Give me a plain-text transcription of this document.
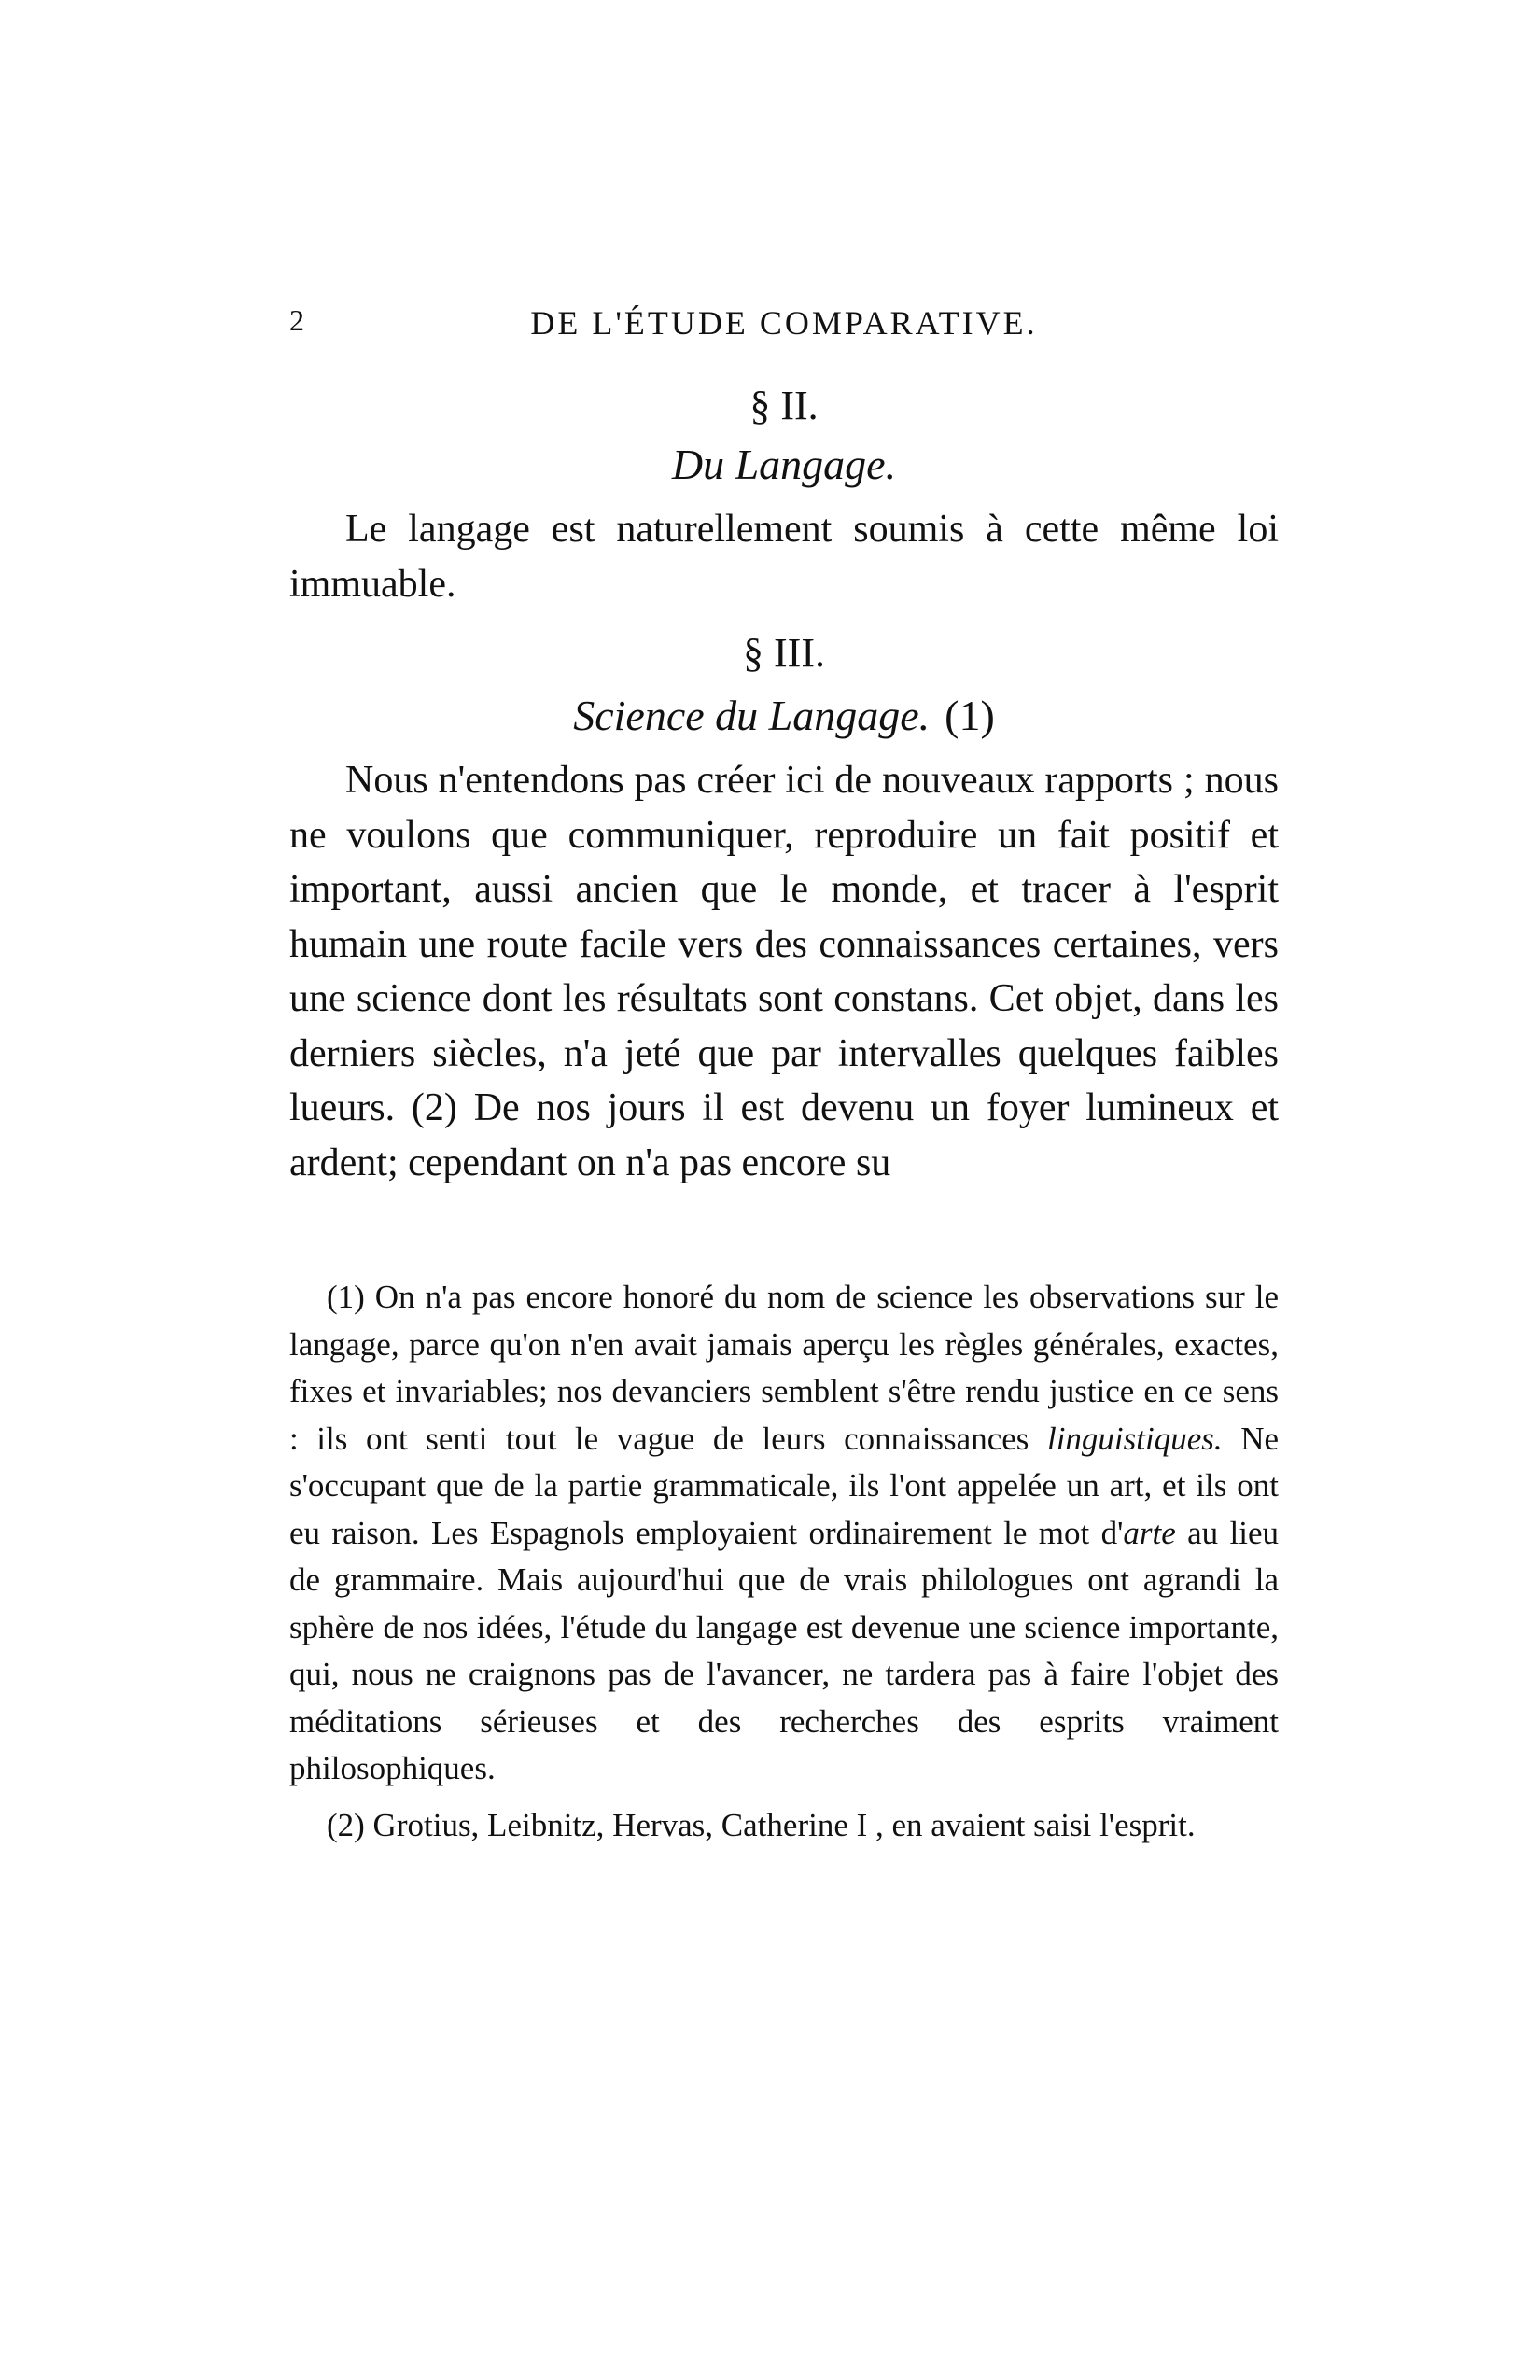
2	DE L'ÉTUDE COMPARATIVE.
§ II.
Du Langage.

Le langage est naturellement soumis à cette même loi immuable.

§ III.
Science du Langage. (1)

Nous n'entendons pas créer ici de nouveaux rapports ; nous ne voulons que communiquer, reproduire un fait positif et important, aussi ancien que le monde, et tracer à l'esprit humain une route facile vers des connaissances certaines, vers une science dont les résultats sont constans. Cet objet, dans les derniers siècles, n'a jeté que par intervalles quelques faibles lueurs. (2) De nos jours il est devenu un foyer lumineux et ardent; cependant on n'a pas encore su

(1) On n'a pas encore honoré du nom de science les observations sur le langage, parce qu'on n'en avait jamais aperçu les règles générales, exactes, fixes et invariables; nos devanciers semblent s'être rendu justice en ce sens : ils ont senti tout le vague de leurs connaissances linguistiques. Ne s'occupant que de la partie grammaticale, ils l'ont appelée un art, et ils ont eu raison. Les Espagnols employaient ordinairement le mot d'arte au lieu de grammaire. Mais aujourd'hui que de vrais philologues ont agrandi la sphère de nos idées, l'étude du langage est devenue une science importante, qui, nous ne craignons pas de l'avancer, ne tardera pas à faire l'objet des méditations sérieuses et des recherches des esprits vraiment philosophiques.

(2) Grotius, Leibnitz, Hervas, Catherine I , en avaient saisi l'esprit.
